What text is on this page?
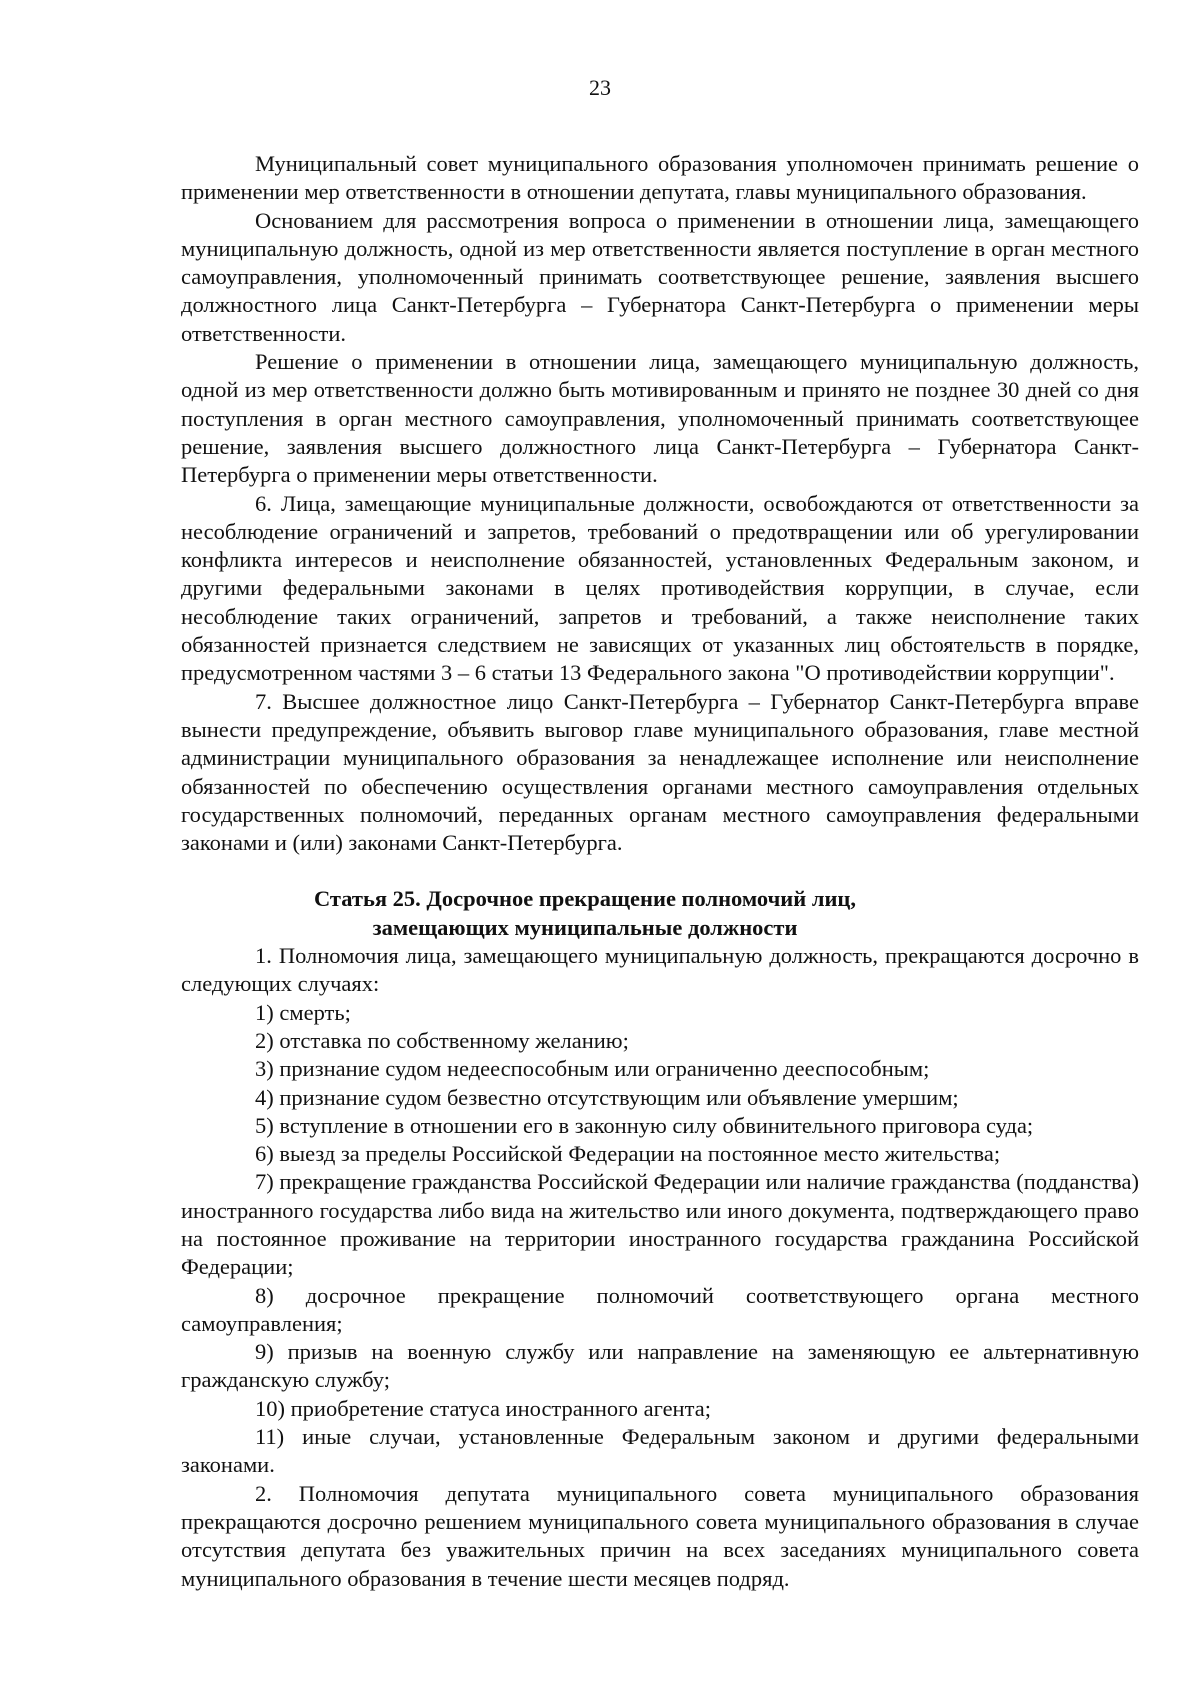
23

Муниципальный совет муниципального образования уполномочен принимать решение о применении мер ответственности в отношении депутата, главы муниципального образования.

Основанием для рассмотрения вопроса о применении в отношении лица, замещающего муниципальную должность, одной из мер ответственности является поступление в орган местного самоуправления, уполномоченный принимать соответствующее решение, заявления высшего должностного лица Санкт-Петербурга – Губернатора Санкт-Петербурга о применении меры ответственности.

Решение о применении в отношении лица, замещающего муниципальную должность, одной из мер ответственности должно быть мотивированным и принято не позднее 30 дней со дня поступления в орган местного самоуправления, уполномоченный принимать соответствующее решение, заявления высшего должностного лица Санкт-Петербурга – Губернатора Санкт-Петербурга о применении меры ответственности.

6. Лица, замещающие муниципальные должности, освобождаются от ответственности за несоблюдение ограничений и запретов, требований о предотвращении или об урегулировании конфликта интересов и неисполнение обязанностей, установленных Федеральным законом, и другими федеральными законами в целях противодействия коррупции, в случае, если несоблюдение таких ограничений, запретов и требований, а также неисполнение таких обязанностей признается следствием не зависящих от указанных лиц обстоятельств в порядке, предусмотренном частями 3 – 6 статьи 13 Федерального закона "О противодействии коррупции".

7. Высшее должностное лицо Санкт-Петербурга – Губернатор Санкт-Петербурга вправе вынести предупреждение, объявить выговор главе муниципального образования, главе местной администрации муниципального образования за ненадлежащее исполнение или неисполнение обязанностей по обеспечению осуществления органами местного самоуправления отдельных государственных полномочий, переданных органам местного самоуправления федеральными законами и (или) законами Санкт-Петербурга.

Статья 25. Досрочное прекращение полномочий лиц,
замещающих муниципальные должности

1. Полномочия лица, замещающего муниципальную должность, прекращаются досрочно в следующих случаях:

1) смерть;
2) отставка по собственному желанию;
3) признание судом недееспособным или ограниченно дееспособным;
4) признание судом безвестно отсутствующим или объявление умершим;
5) вступление в отношении его в законную силу обвинительного приговора суда;
6) выезд за пределы Российской Федерации на постоянное место жительства;
7) прекращение гражданства Российской Федерации или наличие гражданства (подданства) иностранного государства либо вида на жительство или иного документа, подтверждающего право на постоянное проживание на территории иностранного государства гражданина Российской Федерации;
8) досрочное прекращение полномочий соответствующего органа местного самоуправления;
9) призыв на военную службу или направление на заменяющую ее альтернативную гражданскую службу;
10) приобретение статуса иностранного агента;
11) иные случаи, установленные Федеральным законом и другими федеральными законами.

2. Полномочия депутата муниципального совета муниципального образования прекращаются досрочно решением муниципального совета муниципального образования в случае отсутствия депутата без уважительных причин на всех заседаниях муниципального совета муниципального образования в течение шести месяцев подряд.
